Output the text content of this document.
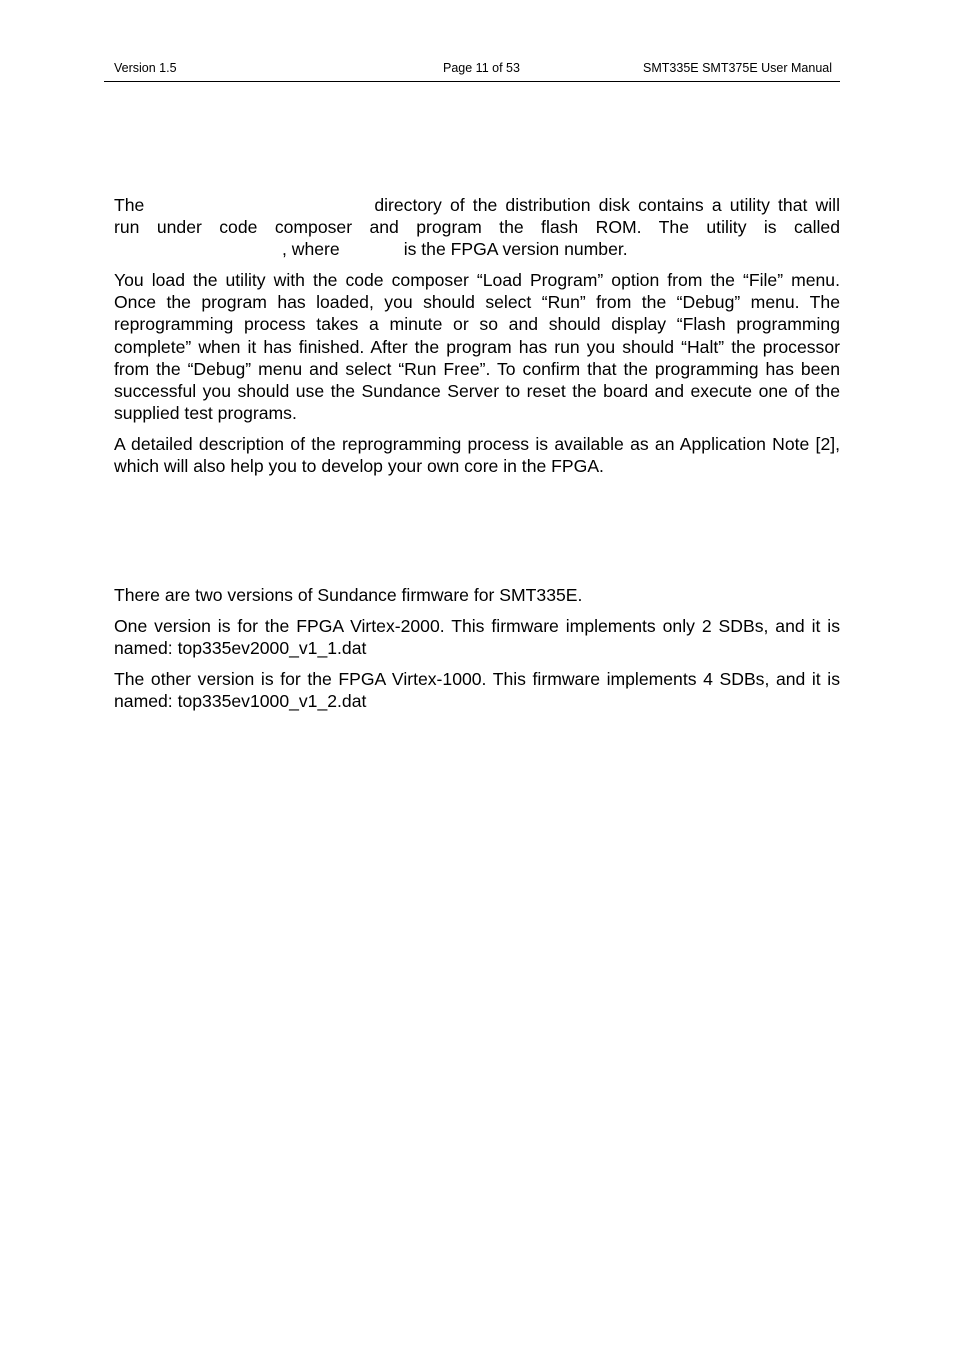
Version 1.5	Page 11 of 53	SMT335E SMT375E User Manual

The	directory of the distribution disk contains a utility that will run under code composer and program the flash ROM. The utility is called , where	is the FPGA version number.

You load the utility with the code composer “Load Program” option from the “File” menu. Once the program has loaded, you should select “Run” from the “Debug” menu. The reprogramming process takes a minute or so and should display “Flash programming complete” when it has finished. After the program has run you should “Halt” the processor from the “Debug” menu and select “Run Free”. To confirm that the programming has been successful you should use the Sundance Server to reset the board and execute one of the supplied test programs.

A detailed description of the reprogramming process is available as an Application Note [2], which will also help you to develop your own core in the FPGA.

There are two versions of Sundance firmware for SMT335E.

One version is for the FPGA Virtex-2000. This firmware implements only 2 SDBs, and it is named: top335ev2000_v1_1.dat

The other version is for the FPGA Virtex-1000. This firmware implements 4 SDBs, and it is named: top335ev1000_v1_2.dat
